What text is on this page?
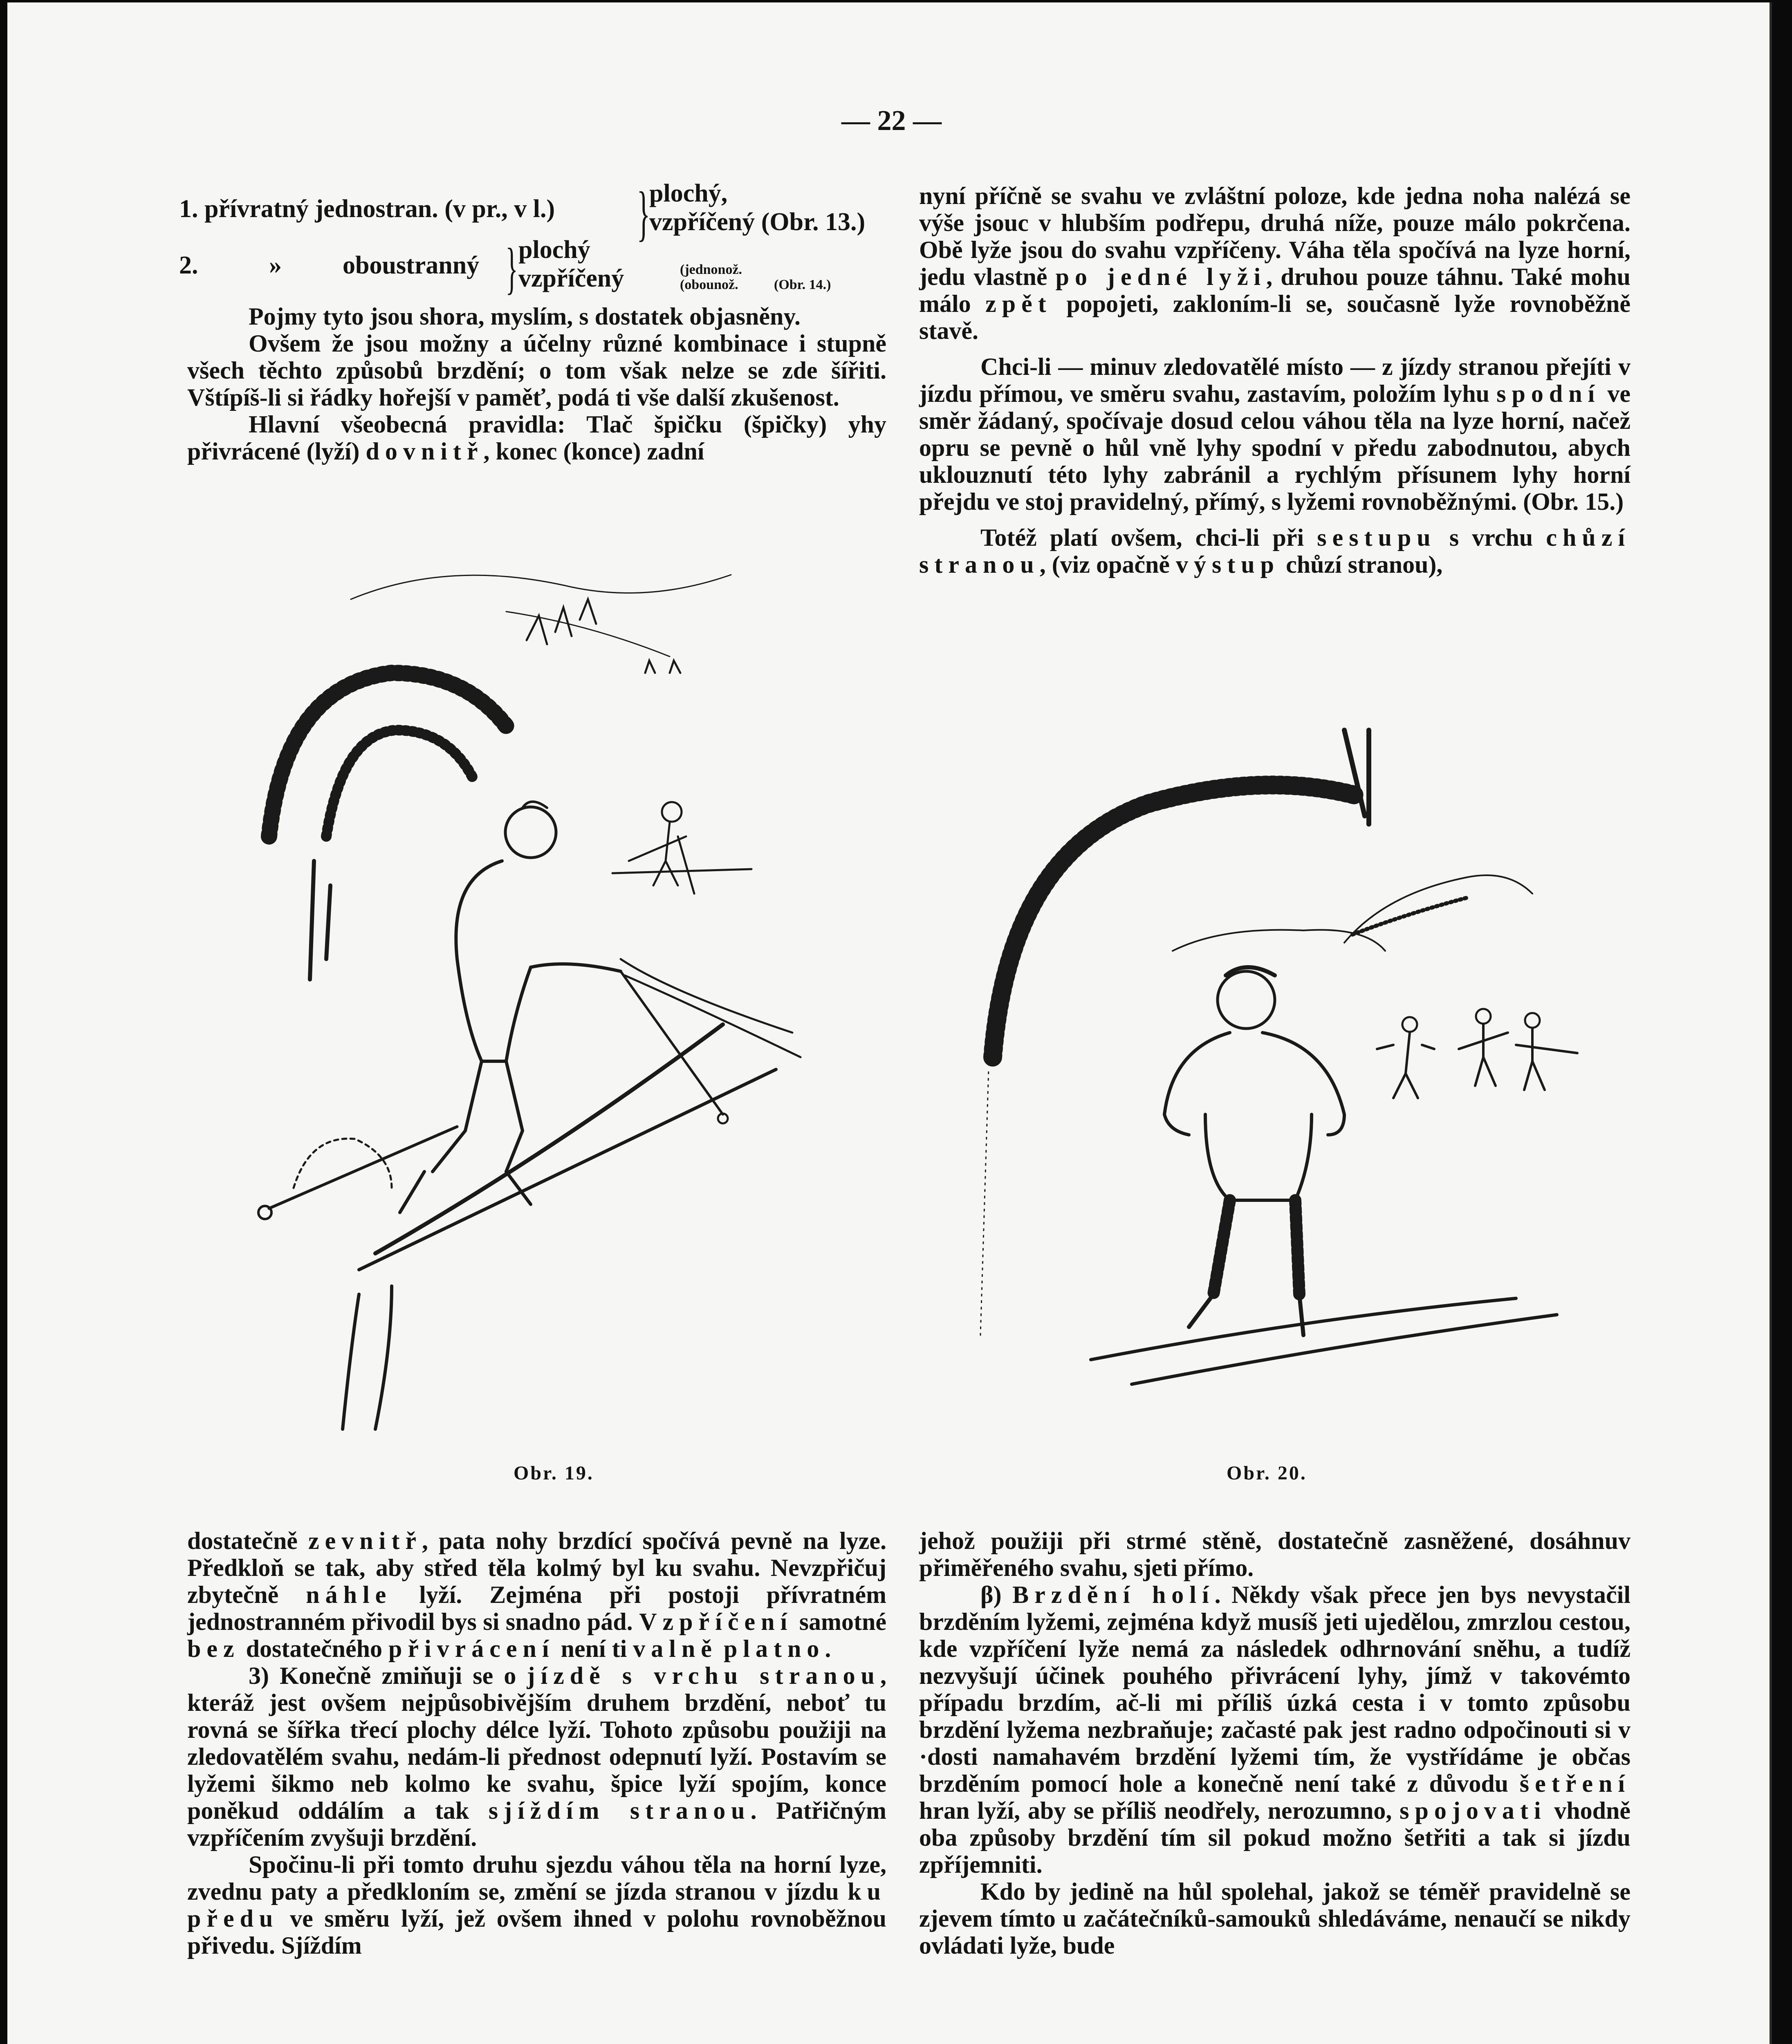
— 22 —
1. přívratný jednostran. (v pr., v l.) }
plochý,
vzpříčený (Obr. 13.)
2.	» oboustranný } plochý
vzpříčený	(jednonož.
(obounož.	(Obr. 14.)

Pojmy tyto jsou shora, myslím, s dostatek objasněny.

Ovšem že jsou možny a účelny různé kombinace i stupně všech těchto způsobů brzdění; o tom však nelze se zde šířiti. Vštípíš-li si řádky hořejší v paměť, podá ti vše další zkušenost.

Hlavní všeobecná pravidla: Tlač špičku (špičky) yhy přivrácené (lyží) dovnitř, konec (konce) zadní

nyní příčně se svahu ve zvláštní poloze, kde jedna noha nalézá se výše jsouc v hlubším podřepu, druhá níže, pouze málo pokrčena. Obě lyže jsou do svahu vzpříčeny. Váha těla spočívá na lyze horní, jedu vlastně po jedné lyži, druhou pouze táhnu. Také mohu málo zpět popojeti, zakloním-li se, současně lyže rovnoběžně stavě.

Chci-li — minuv zledovatělé místo — z jízdy stranou přejíti v jízdu přímou, ve směru svahu, zastavím, položím lyhu spodní ve směr žádaný, spočívaje dosud celou váhou těla na lyze horní, načež opru se pevně o hůl vně lyhy spodní v předu zabodnutou, abych uklouznutí této lyhy zabránil a rychlým přísunem lyhy horní přejdu ve stoj pravidelný, přímý, s lyžemi rovnoběžnými. (Obr. 15.)

Totéž platí ovšem, chci-li při sestupu s vrchu chůzí stranou, (viz opačně výstup chůzí stranou),

Obr. 19.	Obr. 20.

dostatečně zevnitř, pata nohy brzdící spočívá pevně na lyze. Předkloň se tak, aby střed těla kolmý byl ku svahu. Nevzpřičuj zbytečně náhle lyží. Zejména při postoji přívratném jednostranném přivodil bys si snadno pád. Vzpříčení samotné bez dostatečného přivrácení není ti valně platno.

3) Konečně zmiňuji se o jízdě s vrchu stranou, kteráž jest ovšem nejpůsobivějším druhem brzdění, neboť tu rovná se šířka třecí plochy délce lyží. Tohoto způsobu použiji na zledovatělém svahu, nedám-li přednost odepnutí lyží. Postavím se lyžemi šikmo neb kolmo ke svahu, špice lyží spojím, konce poněkud oddálím a tak sjíždím stranou. Patřičným vzpříčením zvyšuji brzdění.

Spočinu-li při tomto druhu sjezdu váhou těla na horní lyze, zvednu paty a předkloním se, změní se jízda stranou v jízdu ku předu ve směru lyží, jež ovšem ihned v polohu rovnoběžnou přivedu. Sjíždím

jehož použiji při strmé stěně, dostatečně zasněžené, dosáhnuv přiměřeného svahu, sjeti přímo.

β) Brzdění holí. Někdy však přece jen bys nevystačil brzděním lyžemi, zejména když musíš jeti ujedělou, zmrzlou cestou, kde vzpříčení lyže nemá za následek odhrnování sněhu, a tudíž nezvyšují účinek pouhého přivrácení lyhy, jímž v takovémto případu brzdím, ač-li mi příliš úzká cesta i v tomto způsobu brzdění lyžema nezbraňuje; začasté pak jest radno odpočinouti si v ·dosti namahavém brzdění lyžemi tím, že vystřídáme je občas brzděním pomocí hole a konečně není také z důvodu šetření hran lyží, aby se příliš neodřely, nerozumno, spojovati vhodně oba způsoby brzdění tím sil pokud možno šetřiti a tak si jízdu zpříjemniti.

Kdo by jedině na hůl spolehal, jakož se téměř pravidelně se zjevem tímto u začátečníků-samouků shledáváme, nenaučí se nikdy ovládati lyže, bude
